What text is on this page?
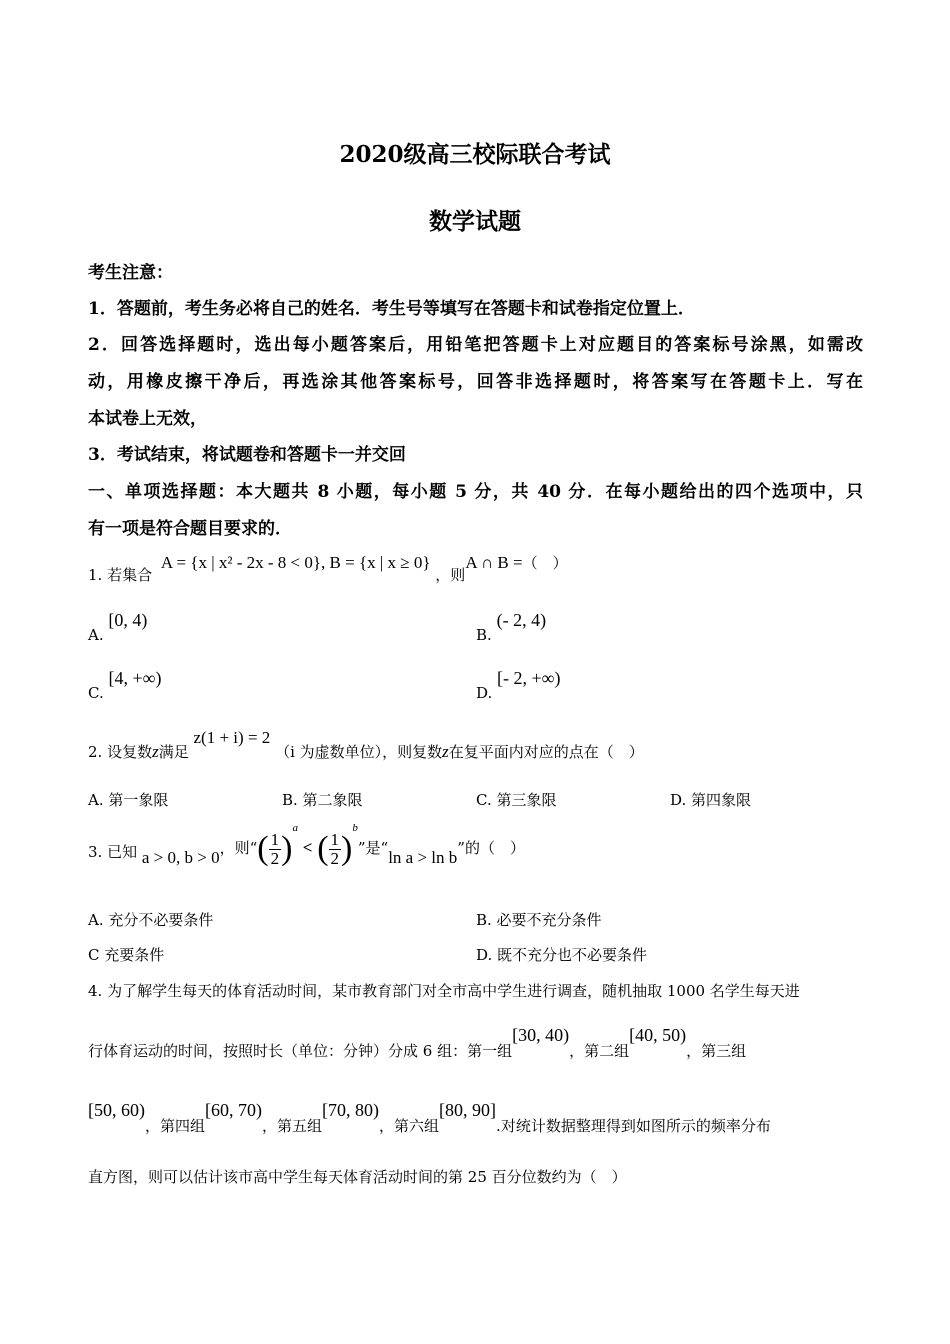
2020级高三校际联合考试
数学试题
考生注意：
1．答题前，考生务必将自己的姓名．考生号等填写在答题卡和试卷指定位置上．
2．回答选择题时，选出每小题答案后，用铅笔把答题卡上对应题目的答案标号涂黑，如需改
动，用橡皮擦干净后，再选涂其他答案标号，回答非选择题时，将答案写在答题卡上．写在
本试卷上无效，
3．考试结束，将试题卷和答题卡一并交回
一、单项选择题：本大题共 8 小题，每小题 5 分，共 40 分．在每小题给出的四个选项中，只
有一项是符合题目要求的．
1. 若集合 A = {x | x² - 2x - 8 < 0}, B = {x | x ≥ 0} ，则A ∩ B =（　）
A. [0, 4)
B. (- 2, 4)
C. [4, +∞)
D. [- 2, +∞)
2. 设复数z满足 z(1 + i) = 2 （i 为虚数单位），则复数z在复平面内对应的点在（　）
A. 第一象限	B. 第二象限	C. 第三象限	D. 第四象限
3. 已知 a > 0, b > 0，则“( $\frac{1}{2} )^a$ < ( $\frac{1}{2} )^b$”是“ln a > ln b”的（　）
A. 充分不必要条件	B. 必要不充分条件
C 充要条件	D. 既不充分也不必要条件
4. 为了解学生每天的体育活动时间，某市教育部门对全市高中学生进行调查，随机抽取 1000 名学生每天进
行体育运动的时间，按照时长（单位：分钟）分成 6 组：第一组[30, 40)，第二组[40, 50)，第三组
[50, 60)，第四组[60, 70)，第五组[70, 80)，第六组[80, 90].对统计数据整理得到如图所示的频率分布
直方图，则可以估计该市高中学生每天体育活动时间的第 25 百分位数约为（　）
